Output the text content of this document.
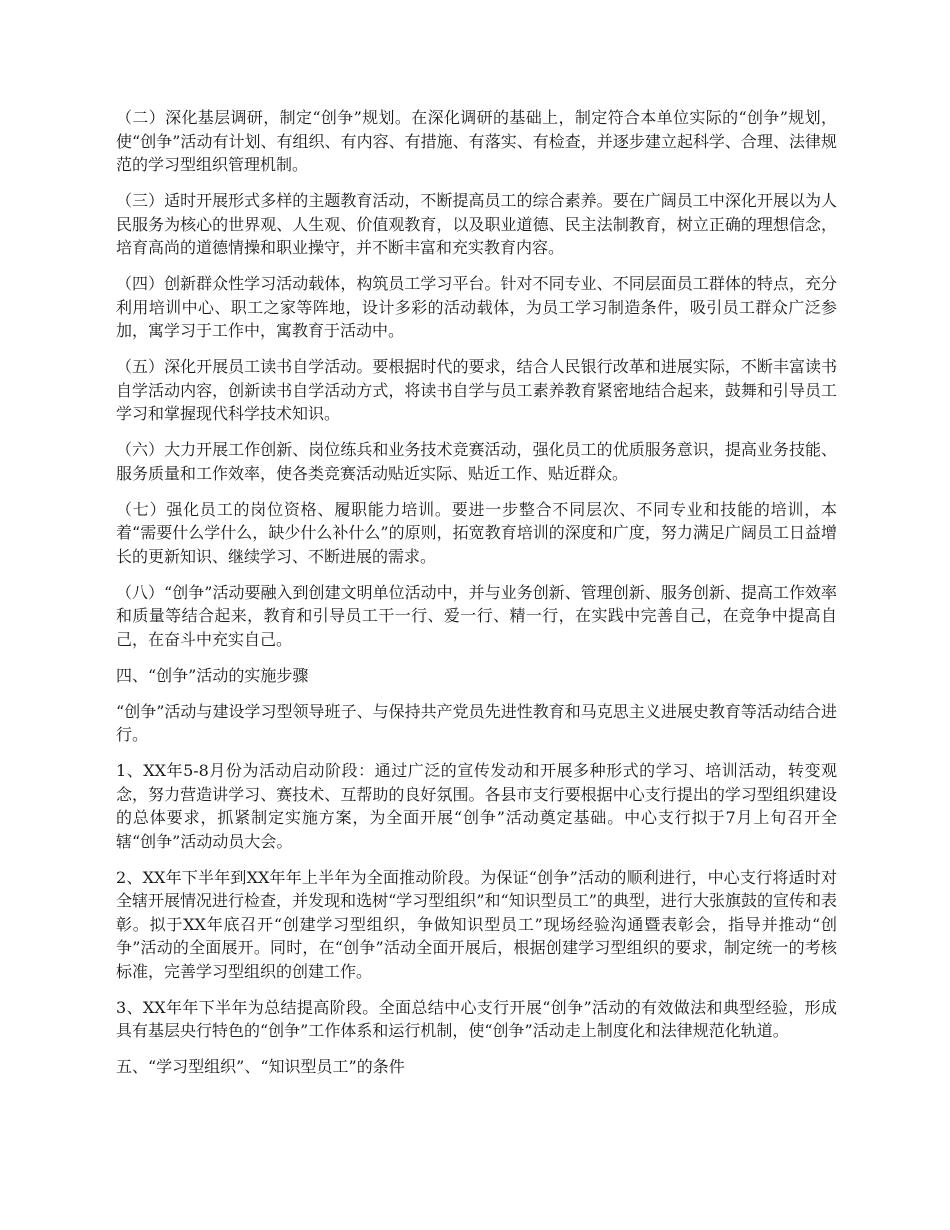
（二）深化基层调研，制定“创争”规划。在深化调研的基础上，制定符合本单位实际的“创争”规划，使“创争”活动有计划、有组织、有内容、有措施、有落实、有检查，并逐步建立起科学、合理、法律规范的学习型组织管理机制。

（三）适时开展形式多样的主题教育活动，不断提高员工的综合素养。要在广阔员工中深化开展以为人民服务为核心的世界观、人生观、价值观教育，以及职业道德、民主法制教育，树立正确的理想信念，培育高尚的道德情操和职业操守，并不断丰富和充实教育内容。

（四）创新群众性学习活动载体，构筑员工学习平台。针对不同专业、不同层面员工群体的特点，充分利用培训中心、职工之家等阵地，设计多彩的活动载体，为员工学习制造条件，吸引员工群众广泛参加，寓学习于工作中，寓教育于活动中。

（五）深化开展员工读书自学活动。要根据时代的要求，结合人民银行改革和进展实际，不断丰富读书自学活动内容，创新读书自学活动方式，将读书自学与员工素养教育紧密地结合起来，鼓舞和引导员工学习和掌握现代科学技术知识。

（六）大力开展工作创新、岗位练兵和业务技术竞赛活动，强化员工的优质服务意识，提高业务技能、服务质量和工作效率，使各类竞赛活动贴近实际、贴近工作、贴近群众。

（七）强化员工的岗位资格、履职能力培训。要进一步整合不同层次、不同专业和技能的培训，本着“需要什么学什么，缺少什么补什么”的原则，拓宽教育培训的深度和广度，努力满足广阔员工日益增长的更新知识、继续学习、不断进展的需求。

（八）“创争”活动要融入到创建文明单位活动中，并与业务创新、管理创新、服务创新、提高工作效率和质量等结合起来，教育和引导员工干一行、爱一行、精一行，在实践中完善自己，在竞争中提高自己，在奋斗中充实自己。

四、“创争”活动的实施步骤

“创争”活动与建设学习型领导班子、与保持共产党员先进性教育和马克思主义进展史教育等活动结合进行。

1、XX年5-8月份为活动启动阶段：通过广泛的宣传发动和开展多种形式的学习、培训活动，转变观念，努力营造讲学习、赛技术、互帮助的良好氛围。各县市支行要根据中心支行提出的学习型组织建设的总体要求，抓紧制定实施方案，为全面开展“创争”活动奠定基础。中心支行拟于7月上旬召开全辖“创争”活动动员大会。

2、XX年下半年到XX年年上半年为全面推动阶段。为保证“创争”活动的顺利进行，中心支行将适时对全辖开展情况进行检查，并发现和选树“学习型组织”和“知识型员工”的典型，进行大张旗鼓的宣传和表彰。拟于XX年底召开“创建学习型组织，争做知识型员工”现场经验沟通暨表彰会，指导并推动“创争”活动的全面展开。同时，在“创争”活动全面开展后，根据创建学习型组织的要求，制定统一的考核标准，完善学习型组织的创建工作。

3、XX年年下半年为总结提高阶段。全面总结中心支行开展“创争”活动的有效做法和典型经验，形成具有基层央行特色的“创争”工作体系和运行机制，使“创争”活动走上制度化和法律规范化轨道。

五、“学习型组织”、“知识型员工”的条件
